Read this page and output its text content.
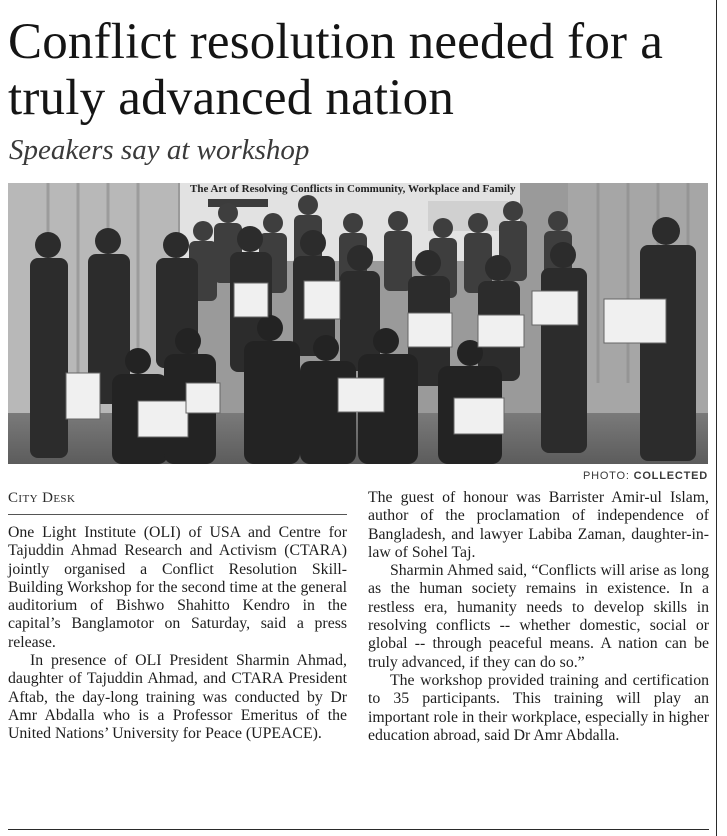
Conflict resolution needed for a truly advanced nation
Speakers say at workshop
The Art of Resolving Conflicts in Community, Workplace and Family
PHOTO: COLLECTED
City Desk

One Light Institute (OLI) of USA and Centre for Tajuddin Ahmad Research and Activism (CTARA) jointly organised a Conflict Resolution Skill-Building Workshop for the second time at the general auditorium of Bishwo Shahitto Kendro in the capital’s Banglamotor on Saturday, said a press release.

In presence of OLI President Sharmin Ahmad, daughter of Tajuddin Ahmad, and CTARA President Aftab, the day-long training was conducted by Dr Amr Abdalla who is a Professor Emeritus of the United Nations’ University for Peace (UPEACE).

The guest of honour was Barrister Amir-ul Islam, author of the proclamation of independence of Bangladesh, and lawyer Labiba Zaman, daughter-in-law of Sohel Taj.

Sharmin Ahmed said, “Conflicts will arise as long as the human society remains in existence. In a restless era, humanity needs to develop skills in resolving conflicts -- whether domestic, social or global -- through peaceful means. A nation can be truly advanced, if they can do so.”

The workshop provided training and certification to 35 participants. This training will play an important role in their workplace, especially in higher education abroad, said Dr Amr Abdalla.
